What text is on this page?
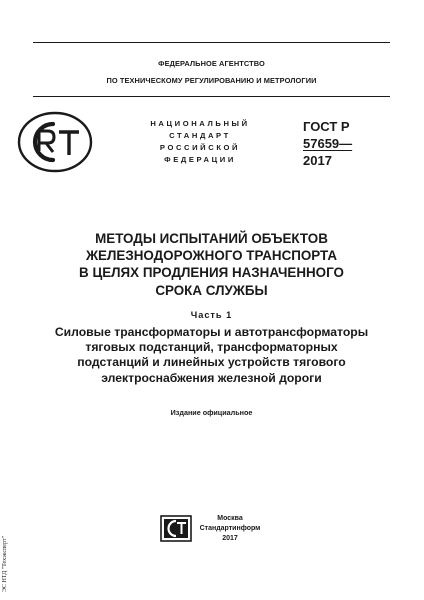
ФЕДЕРАЛЬНОЕ АГЕНТСТВО
ПО ТЕХНИЧЕСКОМУ РЕГУЛИРОВАНИЮ И МЕТРОЛОГИИ
НАЦИОНАЛЬНЫЙ
СТАНДАРТ
РОССИЙСКОЙ
ФЕДЕРАЦИИ
ГОСТ Р
57659—
2017
МЕТОДЫ ИСПЫТАНИЙ ОБЪЕКТОВ
ЖЕЛЕЗНОДОРОЖНОГО ТРАНСПОРТА
В ЦЕЛЯХ ПРОДЛЕНИЯ НАЗНАЧЕННОГО
СРОКА СЛУЖБЫ
Часть 1
Силовые трансформаторы и автотрансформаторы
тяговых подстанций, трансформаторных
подстанций и линейных устройств тягового
электроснабжения железной дороги
Издание официальное
Москва
Стандартинформ
2017
ЭС НТД "Техэксперт"
